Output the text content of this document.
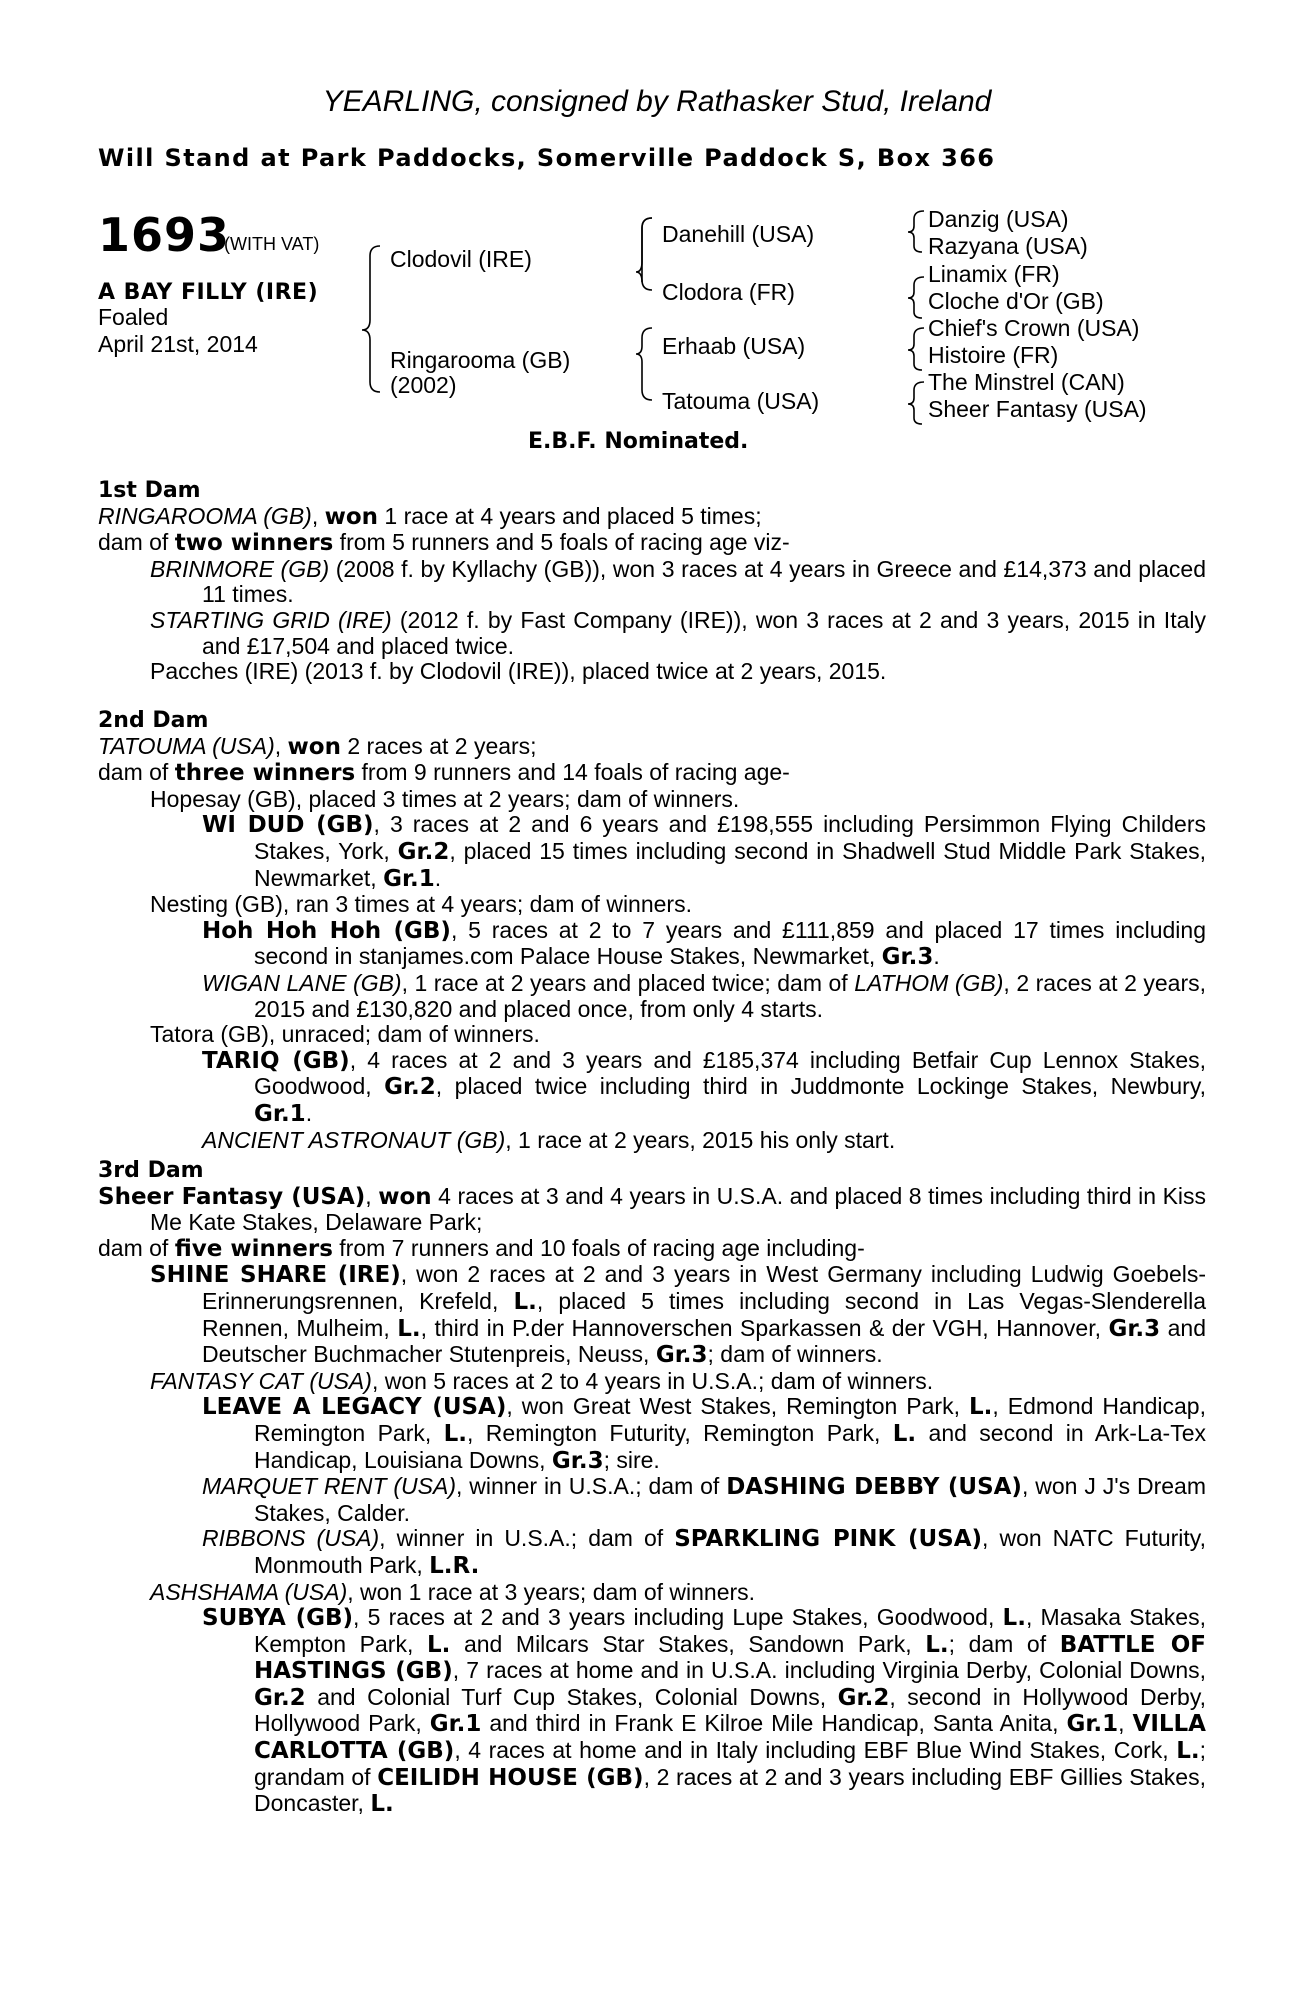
YEARLING, consigned by Rathasker Stud, Ireland
Will Stand at Park Paddocks, Somerville Paddock S, Box 366
1693
(WITH VAT)
A BAY FILLY (IRE)
Foaled
April 21st, 2014
Clodovil (IRE)
Ringarooma (GB)
(2002)
Danehill (USA)
Clodora (FR)
Erhaab (USA)
Tatouma (USA)
Danzig (USA)
Razyana (USA)
Linamix (FR)
Cloche d'Or (GB)
Chief's Crown (USA)
Histoire (FR)
The Minstrel (CAN)
Sheer Fantasy (USA)
E.B.F. Nominated.

1st Dam

RINGAROOMA (GB), won 1 race at 4 years and placed 5 times;

dam of two winners from 5 runners and 5 foals of racing age viz-

BRINMORE (GB) (2008 f. by Kyllachy (GB)), won 3 races at 4 years in Greece and £14,373 and placed 11 times.

STARTING GRID (IRE) (2012 f. by Fast Company (IRE)), won 3 races at 2 and 3 years, 2015 in Italy and £17,504 and placed twice.

Pacches (IRE) (2013 f. by Clodovil (IRE)), placed twice at 2 years, 2015.

2nd Dam

TATOUMA (USA), won 2 races at 2 years;

dam of three winners from 9 runners and 14 foals of racing age-

Hopesay (GB), placed 3 times at 2 years; dam of winners.

WI DUD (GB), 3 races at 2 and 6 years and £198,555 including Persimmon Flying Childers Stakes, York, Gr.2, placed 15 times including second in Shadwell Stud Middle Park Stakes, Newmarket, Gr.1.

Nesting (GB), ran 3 times at 4 years; dam of winners.

Hoh Hoh Hoh (GB), 5 races at 2 to 7 years and £111,859 and placed 17 times including second in stanjames.com Palace House Stakes, Newmarket, Gr.3.

WIGAN LANE (GB), 1 race at 2 years and placed twice; dam of LATHOM (GB), 2 races at 2 years, 2015 and £130,820 and placed once, from only 4 starts.

Tatora (GB), unraced; dam of winners.

TARIQ (GB), 4 races at 2 and 3 years and £185,374 including Betfair Cup Lennox Stakes, Goodwood, Gr.2, placed twice including third in Juddmonte Lockinge Stakes, Newbury, Gr.1.

ANCIENT ASTRONAUT (GB), 1 race at 2 years, 2015 his only start.

3rd Dam

Sheer Fantasy (USA), won 4 races at 3 and 4 years in U.S.A. and placed 8 times including third in Kiss Me Kate Stakes, Delaware Park;

dam of five winners from 7 runners and 10 foals of racing age including-

SHINE SHARE (IRE), won 2 races at 2 and 3 years in West Germany including Ludwig Goebels-Erinnerungsrennen, Krefeld, L., placed 5 times including second in Las Vegas-Slenderella Rennen, Mulheim, L., third in P.der Hannoverschen Sparkassen & der VGH, Hannover, Gr.3 and Deutscher Buchmacher Stutenpreis, Neuss, Gr.3; dam of winners.

FANTASY CAT (USA), won 5 races at 2 to 4 years in U.S.A.; dam of winners.

LEAVE A LEGACY (USA), won Great West Stakes, Remington Park, L., Edmond Handicap, Remington Park, L., Remington Futurity, Remington Park, L. and second in Ark-La-Tex Handicap, Louisiana Downs, Gr.3; sire.

MARQUET RENT (USA), winner in U.S.A.; dam of DASHING DEBBY (USA), won J J's Dream Stakes, Calder.

RIBBONS (USA), winner in U.S.A.; dam of SPARKLING PINK (USA), won NATC Futurity, Monmouth Park, L.R.

ASHSHAMA (USA), won 1 race at 3 years; dam of winners.

SUBYA (GB), 5 races at 2 and 3 years including Lupe Stakes, Goodwood, L., Masaka Stakes, Kempton Park, L. and Milcars Star Stakes, Sandown Park, L.; dam of BATTLE OF HASTINGS (GB), 7 races at home and in U.S.A. including Virginia Derby, Colonial Downs, Gr.2 and Colonial Turf Cup Stakes, Colonial Downs, Gr.2, second in Hollywood Derby, Hollywood Park, Gr.1 and third in Frank E Kilroe Mile Handicap, Santa Anita, Gr.1, VILLA CARLOTTA (GB), 4 races at home and in Italy including EBF Blue Wind Stakes, Cork, L.; grandam of CEILIDH HOUSE (GB), 2 races at 2 and 3 years including EBF Gillies Stakes, Doncaster, L.
